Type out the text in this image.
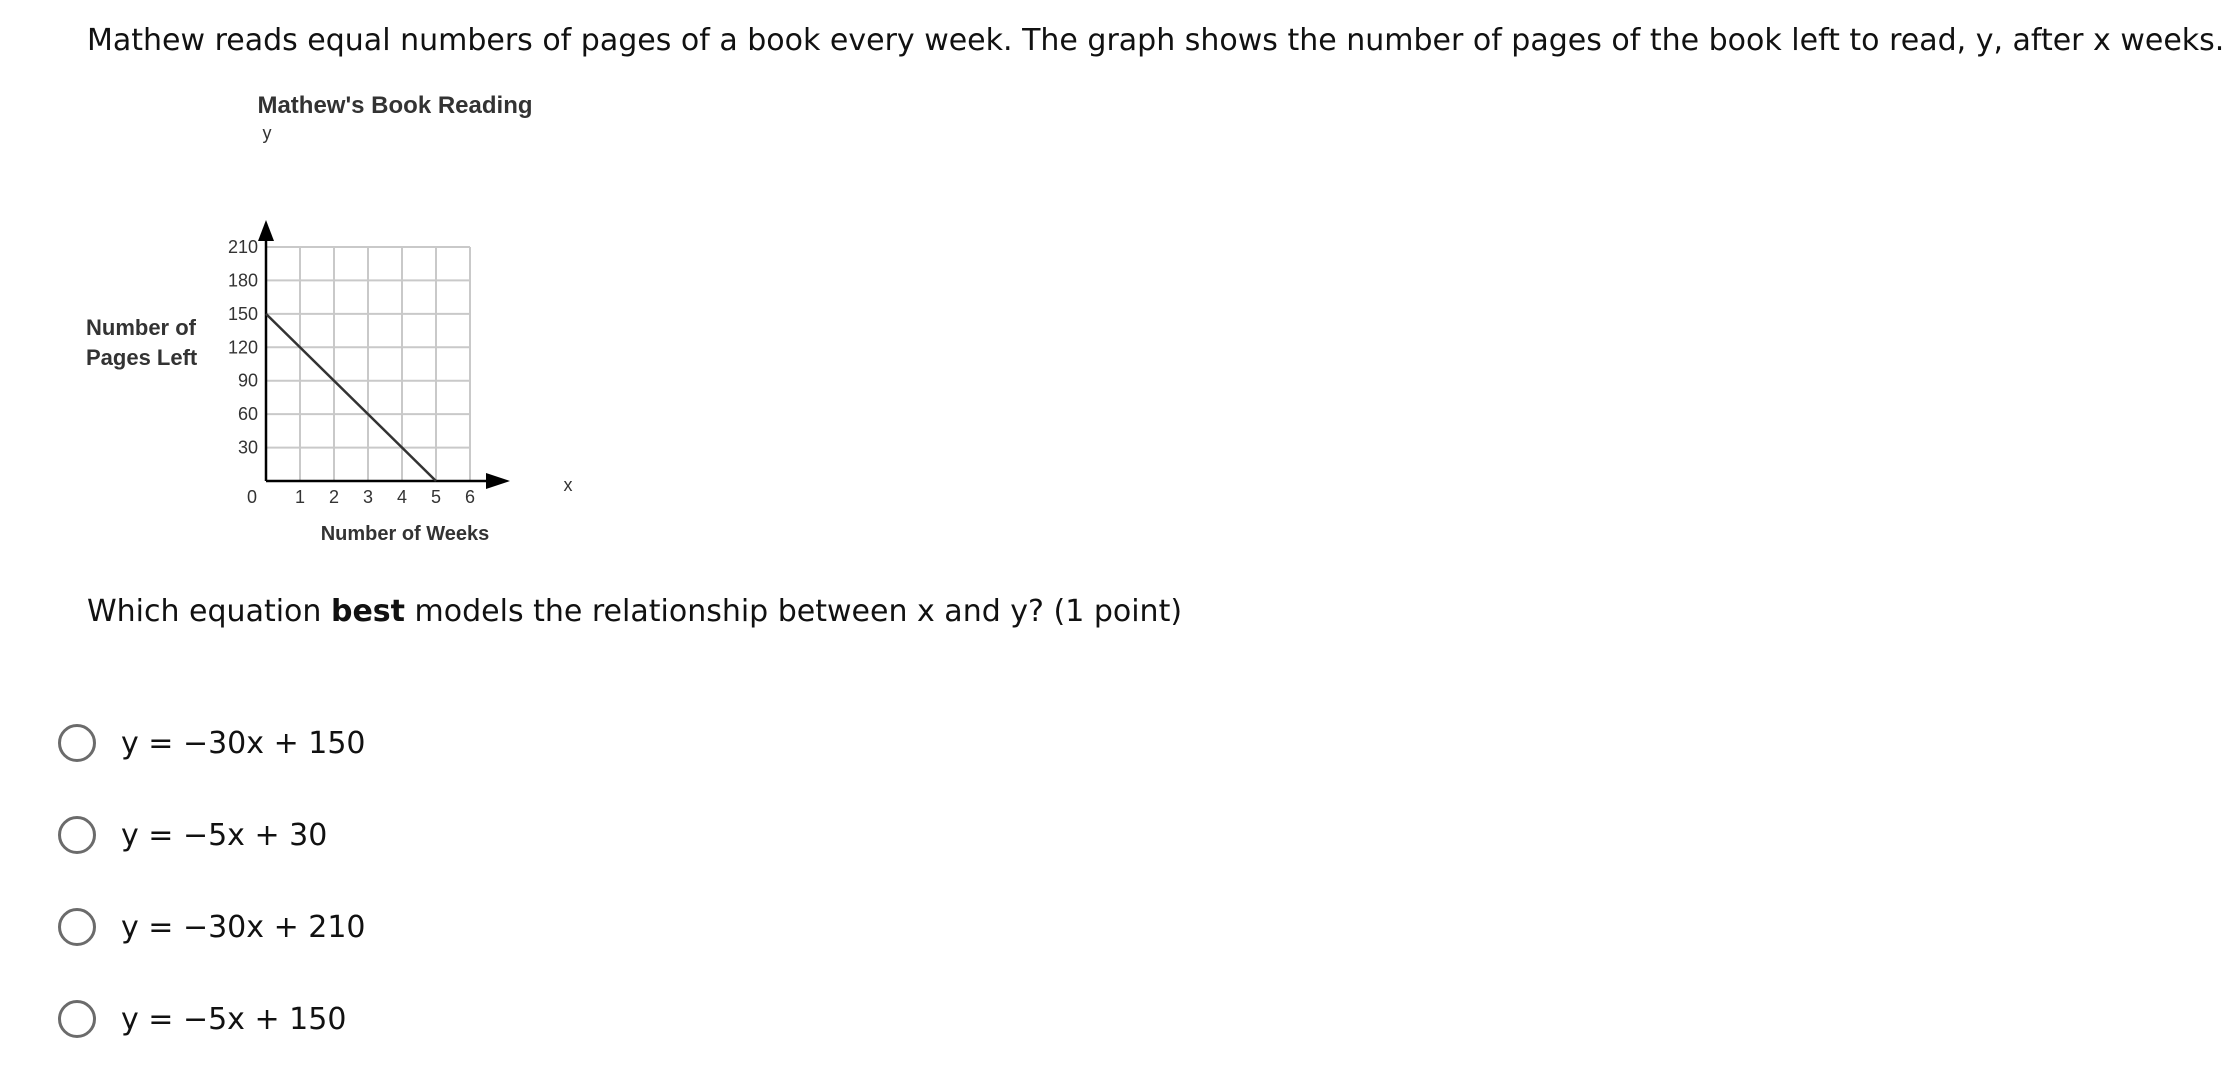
Mathew reads equal numbers of pages of a book every week. The graph shows the number of pages of the book left to read, y, after x weeks.
Mathew's Book Reading
y
x
Number of
Pages Left
Number of Weeks
0 1 2 3 4 5 6
30
60
90
120
150
180
210
Which equation best models the relationship between x and y? (1 point)
y = −30x + 150
y = −5x + 30
y = −30x + 210
y = −5x + 150
